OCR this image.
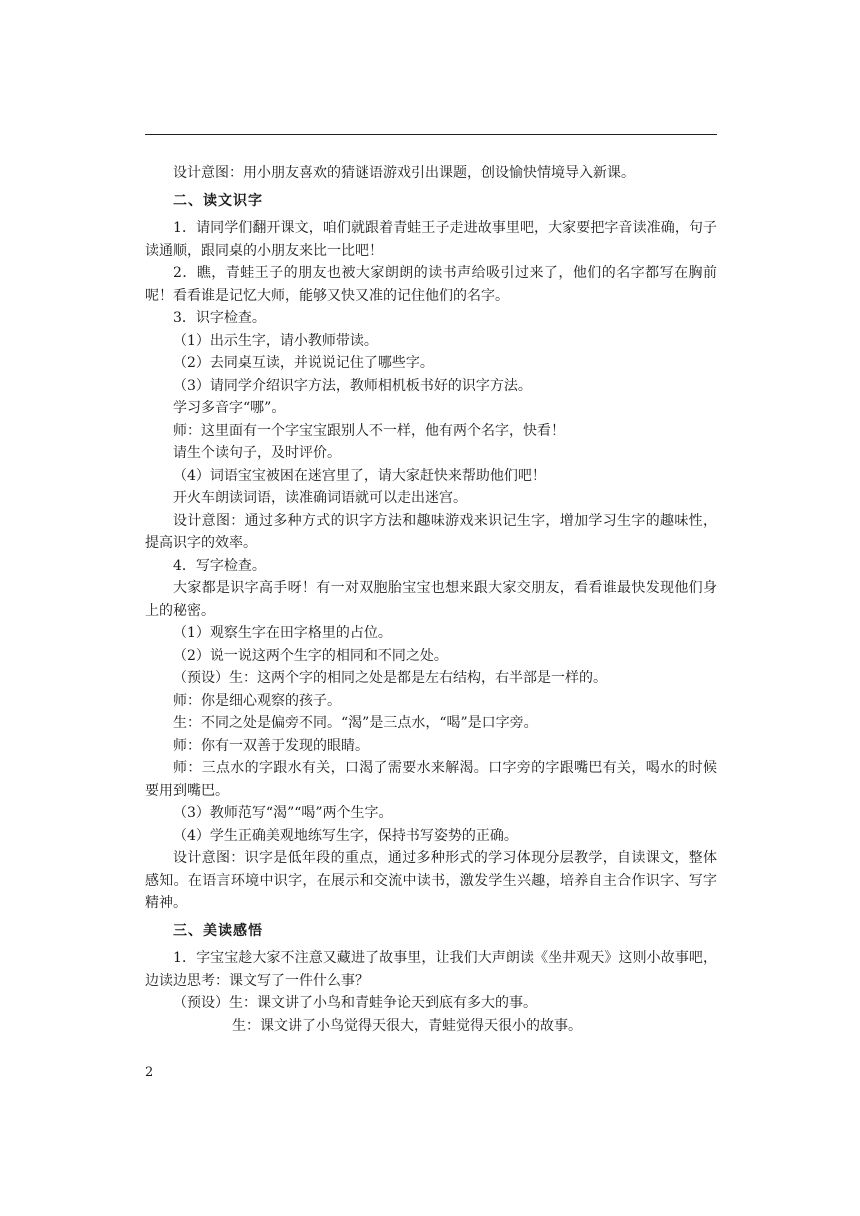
设计意图：用小朋友喜欢的猜谜语游戏引出课题，创设愉快情境导入新课。

二、读文识字

1．请同学们翻开课文，咱们就跟着青蛙王子走进故事里吧，大家要把字音读准确，句子读通顺，跟同桌的小朋友来比一比吧！

2．瞧，青蛙王子的朋友也被大家朗朗的读书声给吸引过来了，他们的名字都写在胸前呢！看看谁是记忆大师，能够又快又准的记住他们的名字。

3．识字检查。

（1）出示生字，请小教师带读。

（2）去同桌互读，并说说记住了哪些字。

（3）请同学介绍识字方法，教师相机板书好的识字方法。

学习多音字“哪”。

师：这里面有一个字宝宝跟别人不一样，他有两个名字，快看！

请生个读句子，及时评价。

（4）词语宝宝被困在迷宫里了，请大家赶快来帮助他们吧！

开火车朗读词语，读准确词语就可以走出迷宫。

设计意图：通过多种方式的识字方法和趣味游戏来识记生字，增加学习生字的趣味性，提高识字的效率。

4．写字检查。

大家都是识字高手呀！有一对双胞胎宝宝也想来跟大家交朋友，看看谁最快发现他们身上的秘密。

（1）观察生字在田字格里的占位。

（2）说一说这两个生字的相同和不同之处。

（预设）生：这两个字的相同之处是都是左右结构，右半部是一样的。

师：你是细心观察的孩子。

生：不同之处是偏旁不同。“渴”是三点水，“喝”是口字旁。

师：你有一双善于发现的眼睛。

师：三点水的字跟水有关，口渴了需要水来解渴。口字旁的字跟嘴巴有关，喝水的时候要用到嘴巴。

（3）教师范写“渴”“喝”两个生字。

（4）学生正确美观地练写生字，保持书写姿势的正确。

设计意图：识字是低年段的重点，通过多种形式的学习体现分层教学，自读课文，整体感知。在语言环境中识字，在展示和交流中读书，激发学生兴趣，培养自主合作识字、写字精神。

三、美读感悟

1．字宝宝趁大家不注意又藏进了故事里，让我们大声朗读《坐井观天》这则小故事吧，边读边思考：课文写了一件什么事？

（预设）生：课文讲了小鸟和青蛙争论天到底有多大的事。

生：课文讲了小鸟觉得天很大，青蛙觉得天很小的故事。

2
